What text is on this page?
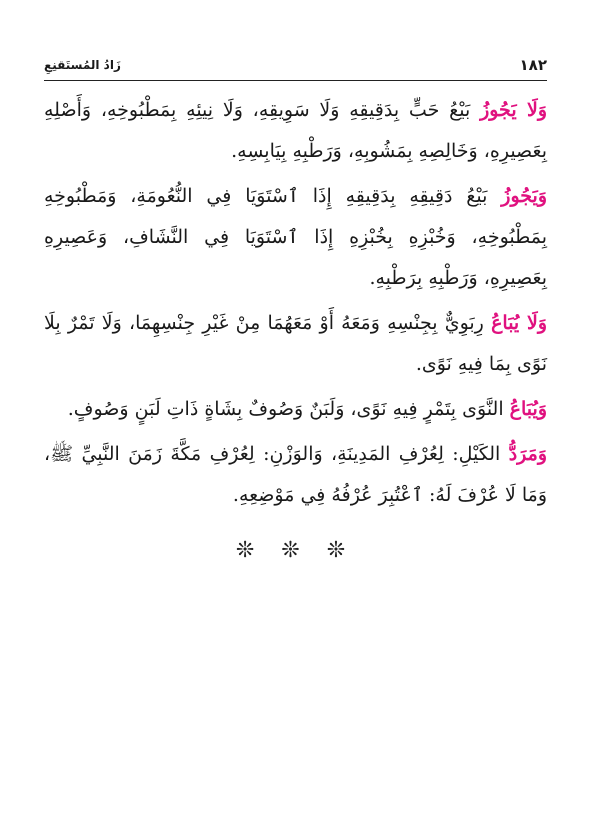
١٨٢
زَادُ المُستَقنِعِ

وَلَا يَجُوزُ بَيْعُ حَبٍّ بِدَقِيقِهِ وَلَا سَوِيقِهِ، وَلَا نِيئِهِ بِمَطْبُوخِهِ، وَأَصْلِهِ بِعَصِيرِهِ، وَخَالِصِهِ بِمَشُوبِهِ، وَرَطْبِهِ بِيَابِسِهِ.

وَيَجُوزُ بَيْعُ دَقِيقِهِ بِدَقِيقِهِ إِذَا ٱسْتَوَيَا فِي النُّعُومَةِ، وَمَطْبُوخِهِ بِمَطْبُوخِهِ، وَخُبْزِهِ بِخُبْزِهِ إِذَا ٱسْتَوَيَا فِي النَّشَافِ، وَعَصِيرِهِ بِعَصِيرِهِ، وَرَطْبِهِ بِرَطْبِهِ.

وَلَا يُبَاعُ رِبَوِيٌّ بِجِنْسِهِ وَمَعَهُ أَوْ مَعَهُمَا مِنْ غَيْرِ جِنْسِهِمَا، وَلَا تَمْرٌ بِلَا نَوًى بِمَا فِيهِ نَوًى.

وَيُبَاعُ النَّوَى بِتَمْرٍ فِيهِ نَوًى، وَلَبَنٌ وَصُوفٌ بِشَاةٍ ذَاتِ لَبَنٍ وَصُوفٍ.

وَمَرَدُّ الكَيْلِ: لِعُرْفِ المَدِينَةِ، وَالوَزْنِ: لِعُرْفِ مَكَّةَ زَمَنَ النَّبِيِّ ﷺ، وَمَا لَا عُرْفَ لَهُ: ٱعْتُبِرَ عُرْفُهُ فِي مَوْضِعِهِ.

❊ ❊ ❊
